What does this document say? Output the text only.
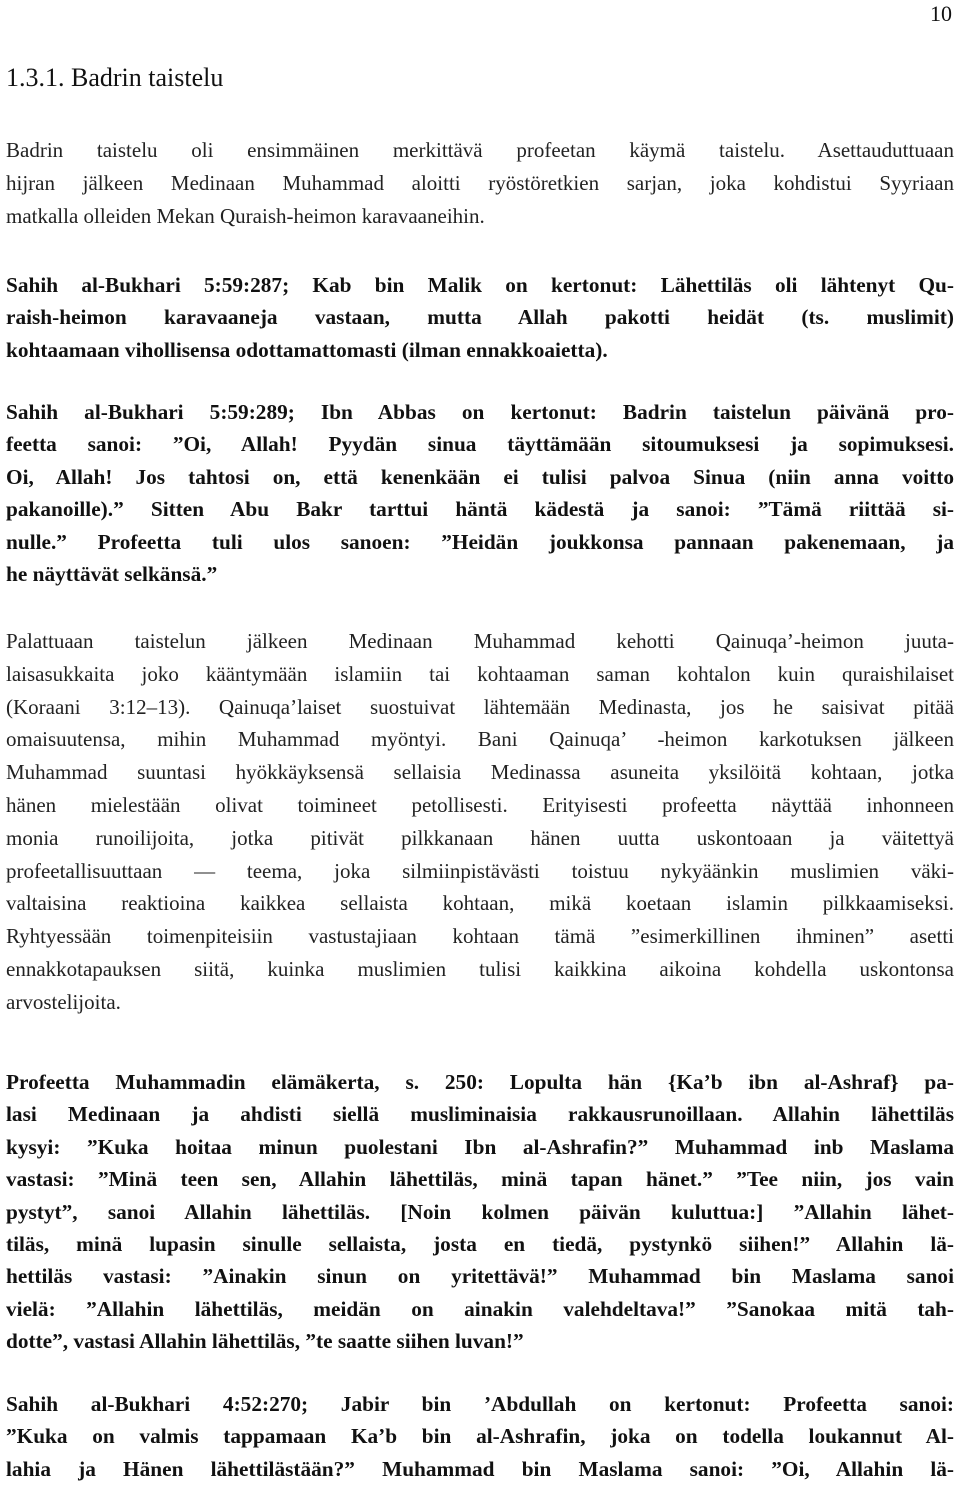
10
1.3.1. Badrin taistelu

Badrin taistelu oli ensimmäinen merkittävä profeetan käymä taistelu. Asettauduttuaan
hijran jälkeen Medinaan Muhammad aloitti ryöstöretkien sarjan, joka kohdistui Syyriaan
matkalla olleiden Mekan Quraish-heimon karavaaneihin.

Sahih al-Bukhari 5:59:287; Kab bin Malik on kertonut: Lähettiläs oli lähtenyt Qu-
raish-heimon karavaaneja vastaan, mutta Allah pakotti heidät (ts. muslimit)
kohtaamaan vihollisensa odottamattomasti (ilman ennakkoaietta).

Sahih al-Bukhari 5:59:289; Ibn Abbas on kertonut: Badrin taistelun päivänä pro-
feetta sanoi: ”Oi, Allah! Pyydän sinua täyttämään sitoumuksesi ja sopimuksesi.
Oi, Allah! Jos tahtosi on, että kenenkään ei tulisi palvoa Sinua (niin anna voitto
pakanoille).” Sitten Abu Bakr tarttui häntä kädestä ja sanoi: ”Tämä riittää si-
nulle.” Profeetta tuli ulos sanoen: ”Heidän joukkonsa pannaan pakenemaan, ja
he näyttävät selkänsä.”

Palattuaan taistelun jälkeen Medinaan Muhammad kehotti Qainuqa’-heimon juuta-
laisasukkaita joko kääntymään islamiin tai kohtaaman saman kohtalon kuin quraishilaiset
(Koraani 3:12–13). Qainuqa’laiset suostuivat lähtemään Medinasta, jos he saisivat pitää
omaisuutensa, mihin Muhammad myöntyi. Bani Qainuqa’ -heimon karkotuksen jälkeen
Muhammad suuntasi hyökkäyksensä sellaisia Medinassa asuneita yksilöitä kohtaan, jotka
hänen mielestään olivat toimineet petollisesti. Erityisesti profeetta näyttää inhonneen
monia runoilijoita, jotka pitivät pilkkanaan hänen uutta uskontoaan ja väitettyä
profeetallisuuttaan — teema, joka silmiinpistävästi toistuu nykyäänkin muslimien väki-
valtaisina reaktioina kaikkea sellaista kohtaan, mikä koetaan islamin pilkkaamiseksi.
Ryhtyessään toimenpiteisiin vastustajiaan kohtaan tämä ”esimerkillinen ihminen” asetti
ennakkotapauksen siitä, kuinka muslimien tulisi kaikkina aikoina kohdella uskontonsa
arvostelijoita.

Profeetta Muhammadin elämäkerta, s. 250: Lopulta hän {Ka’b ibn al-Ashraf} pa-
lasi Medinaan ja ahdisti siellä musliminaisia rakkausrunoillaan. Allahin lähettiläs
kysyi: ”Kuka hoitaa minun puolestani Ibn al-Ashrafin?” Muhammad inb Maslama
vastasi: ”Minä teen sen, Allahin lähettiläs, minä tapan hänet.” ”Tee niin, jos vain
pystyt”, sanoi Allahin lähettiläs. [Noin kolmen päivän kuluttua:] ”Allahin lähet-
tiläs, minä lupasin sinulle sellaista, josta en tiedä, pystynkö siihen!” Allahin lä-
hettiläs vastasi: ”Ainakin sinun on yritettävä!” Muhammad bin Maslama sanoi
vielä: ”Allahin lähettiläs, meidän on ainakin valehdeltava!” ”Sanokaa mitä tah-
dotte”, vastasi Allahin lähettiläs, ”te saatte siihen luvan!”

Sahih al-Bukhari 4:52:270; Jabir bin ’Abdullah on kertonut: Profeetta sanoi:
”Kuka on valmis tappamaan Ka’b bin al-Ashrafin, joka on todella loukannut Al-
lahia ja Hänen lähettilästään?” Muhammad bin Maslama sanoi: ”Oi, Allahin lä-
